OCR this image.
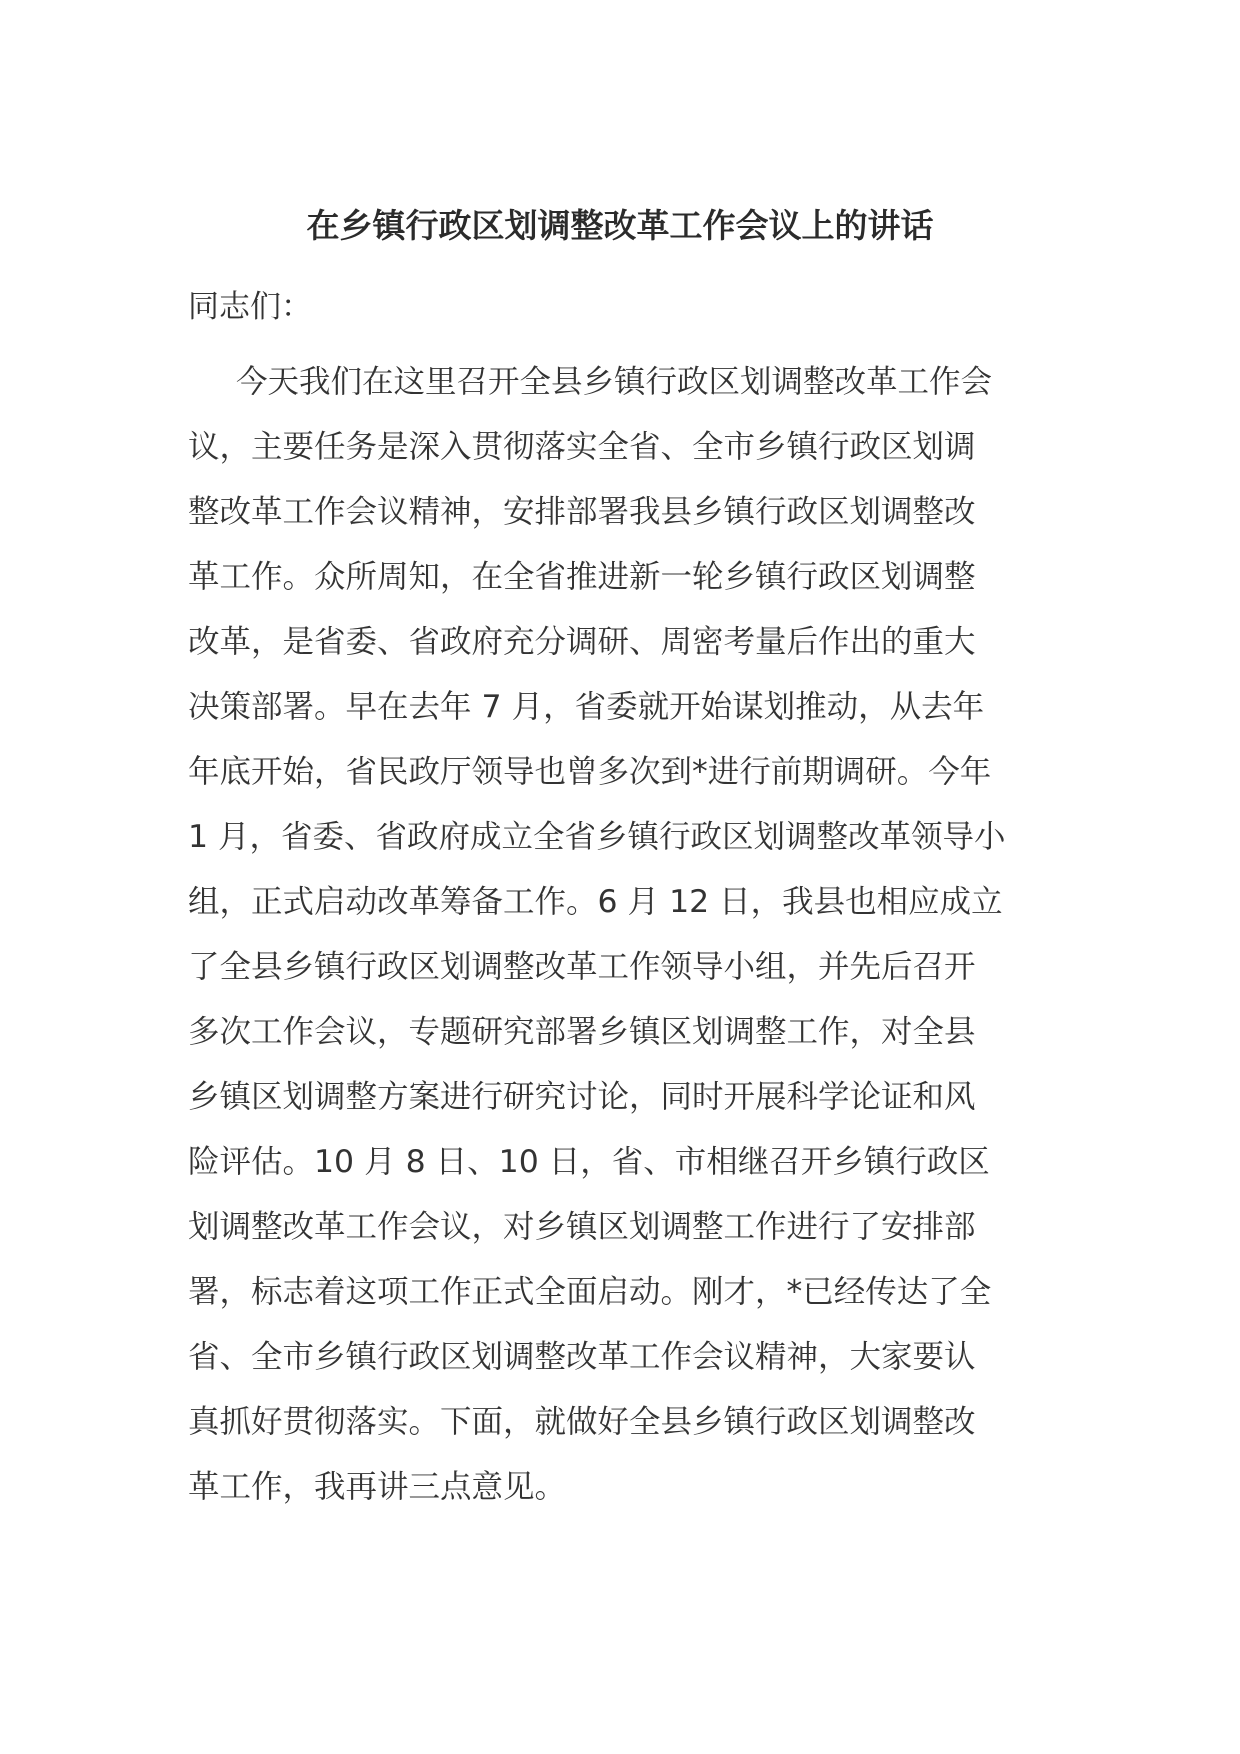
在乡镇行政区划调整改革工作会议上的讲话
同志们：
今天我们在这里召开全县乡镇行政区划调整改革工作会
议，主要任务是深入贯彻落实全省、全市乡镇行政区划调
整改革工作会议精神，安排部署我县乡镇行政区划调整改
革工作。众所周知，在全省推进新一轮乡镇行政区划调整
改革，是省委、省政府充分调研、周密考量后作出的重大
决策部署。早在去年 7 月，省委就开始谋划推动，从去年
年底开始，省民政厅领导也曾多次到*进行前期调研。今年
1 月，省委、省政府成立全省乡镇行政区划调整改革领导小
组，正式启动改革筹备工作。6 月 12 日，我县也相应成立
了全县乡镇行政区划调整改革工作领导小组，并先后召开
多次工作会议，专题研究部署乡镇区划调整工作，对全县
乡镇区划调整方案进行研究讨论，同时开展科学论证和风
险评估。10 月 8 日、10 日，省、市相继召开乡镇行政区
划调整改革工作会议，对乡镇区划调整工作进行了安排部
署，标志着这项工作正式全面启动。刚才，*已经传达了全
省、全市乡镇行政区划调整改革工作会议精神，大家要认
真抓好贯彻落实。下面，就做好全县乡镇行政区划调整改
革工作，我再讲三点意见。
